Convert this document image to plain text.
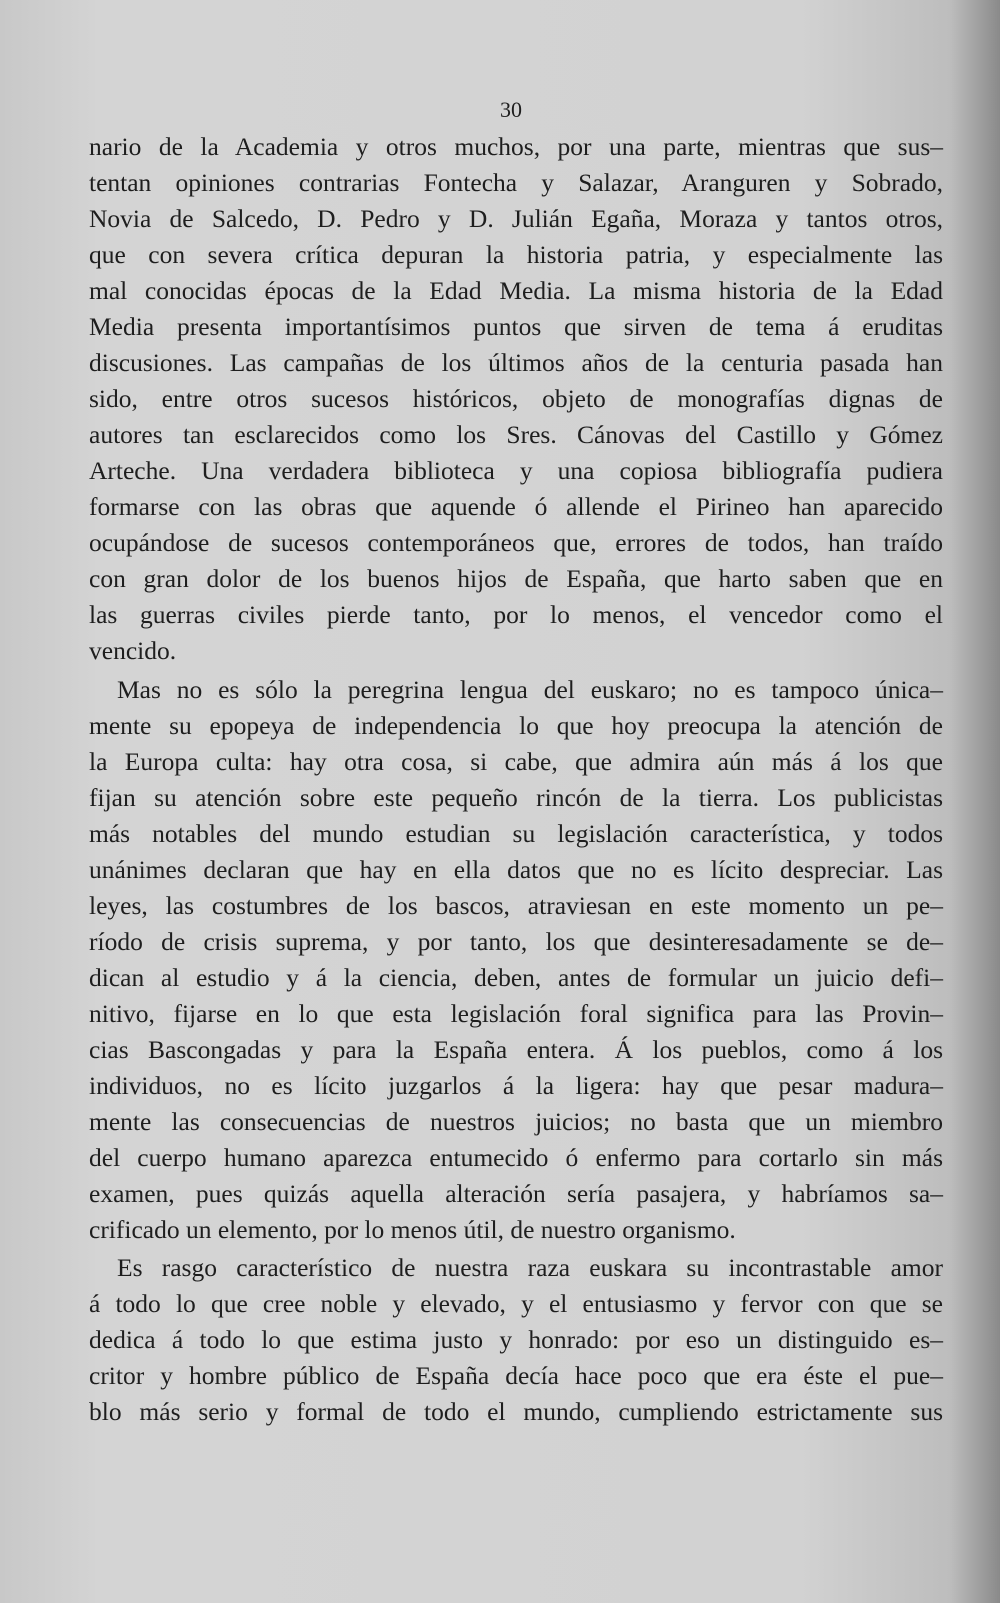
30
nario de la Academia y otros muchos, por una parte, mientras que sus–
tentan opiniones contrarias Fontecha y Salazar, Aranguren y Sobrado,
Novia de Salcedo, D. Pedro y D. Julián Egaña, Moraza y tantos otros,
que con severa crítica depuran la historia patria, y especialmente las
mal conocidas épocas de la Edad Media. La misma historia de la Edad
Media presenta importantísimos puntos que sirven de tema á eruditas
discusiones. Las campañas de los últimos años de la centuria pasada han
sido, entre otros sucesos históricos, objeto de monografías dignas de
autores tan esclarecidos como los Sres. Cánovas del Castillo y Gómez
Arteche. Una verdadera biblioteca y una copiosa bibliografía pudiera
formarse con las obras que aquende ó allende el Pirineo han aparecido
ocupándose de sucesos contemporáneos que, errores de todos, han traído
con gran dolor de los buenos hijos de España, que harto saben que en
las guerras civiles pierde tanto, por lo menos, el vencedor como el
vencido.
Mas no es sólo la peregrina lengua del euskaro; no es tampoco única–
mente su epopeya de independencia lo que hoy preocupa la atención de
la Europa culta: hay otra cosa, si cabe, que admira aún más á los que
fijan su atención sobre este pequeño rincón de la tierra. Los publicistas
más notables del mundo estudian su legislación característica, y todos
unánimes declaran que hay en ella datos que no es lícito despreciar. Las
leyes, las costumbres de los bascos, atraviesan en este momento un pe–
ríodo de crisis suprema, y por tanto, los que desinteresadamente se de–
dican al estudio y á la ciencia, deben, antes de formular un juicio defi–
nitivo, fijarse en lo que esta legislación foral significa para las Provin–
cias Bascongadas y para la España entera. Á los pueblos, como á los
individuos, no es lícito juzgarlos á la ligera: hay que pesar madura–
mente las consecuencias de nuestros juicios; no basta que un miembro
del cuerpo humano aparezca entumecido ó enfermo para cortarlo sin más
examen, pues quizás aquella alteración sería pasajera, y habríamos sa–
crificado un elemento, por lo menos útil, de nuestro organismo.
Es rasgo característico de nuestra raza euskara su incontrastable amor
á todo lo que cree noble y elevado, y el entusiasmo y fervor con que se
dedica á todo lo que estima justo y honrado: por eso un distinguido es–
critor y hombre público de España decía hace poco que era éste el pue–
blo más serio y formal de todo el mundo, cumpliendo estrictamente sus
